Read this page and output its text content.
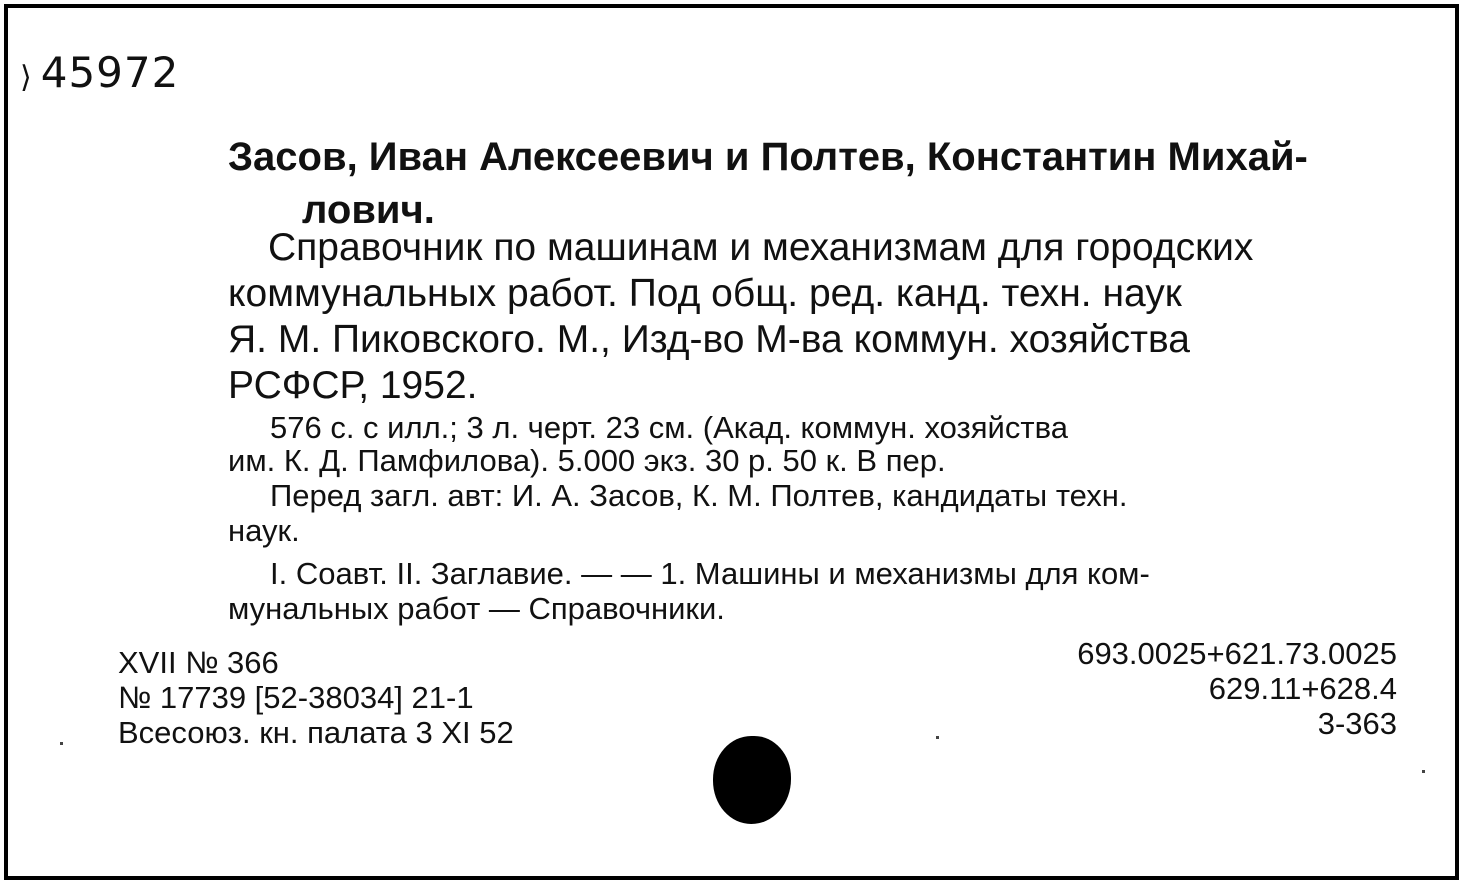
⟩ 45972
Засов, Иван Алексеевич и Полтев, Константин Михай-
лович.
Справочник по машинам и механизмам для городских
коммунальных работ. Под общ. ред. канд. техн. наук
Я. М. Пиковского. М., Изд-во М-ва коммун. хозяйства
РСФСР, 1952.
576 с. с илл.; 3 л. черт. 23 см. (Акад. коммун. хозяйства
им. К. Д. Памфилова). 5.000 экз. 30 р. 50 к. В пер.
Перед загл. авт: И. А. Засов, К. М. Полтев, кандидаты техн.
наук.
I. Соавт. II. Заглавие. — — 1. Машины и механизмы для ком-
мунальных работ — Справочники.
XVII № 366
№ 17739 [52-38034] 21-1
Всесоюз. кн. палата 3 XI 52
693.0025+621.73.0025
629.11+628.4
3-363
